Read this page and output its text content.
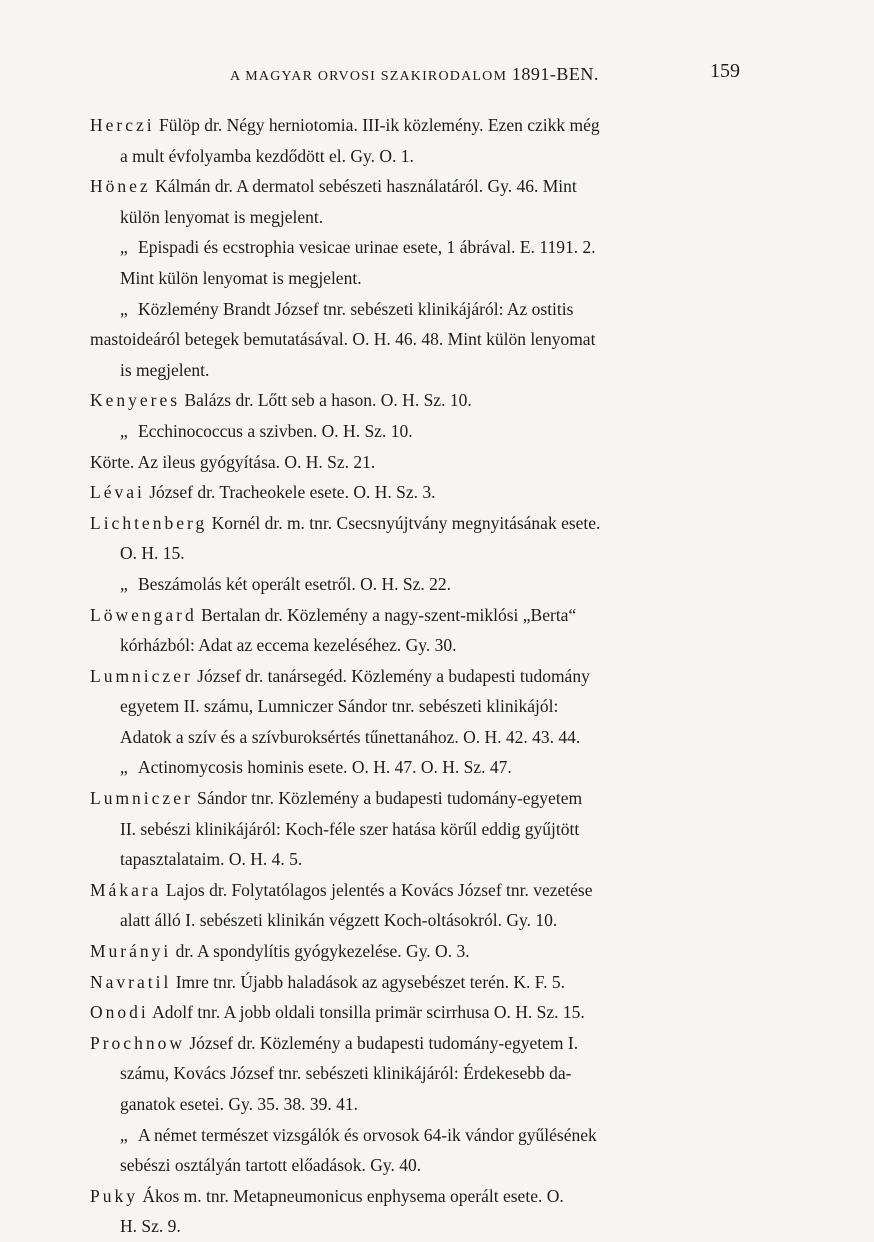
A MAGYAR ORVOSI SZAKIRODALOM 1891-BEN.	159
Herczi Fülöp dr. Négy herniotomia. III-ik közlemény. Ezen czikk még
a mult évfolyamba kezdődött el. Gy. O. 1.
Hönez Kálmán dr. A dermatol sebészeti használatáról. Gy. 46. Mint
külön lenyomat is megjelent.
„ Epispadi és ecstrophia vesicae urinae esete, 1 ábrával. E. 1191. 2.
Mint külön lenyomat is megjelent.
„ Közlemény Brandt József tnr. sebészeti klinikájáról: Az ostitis
mastoideáról betegek bemutatásával. O. H. 46. 48. Mint külön lenyomat
is megjelent.
Kenyeres Balázs dr. Lőtt seb a hason. O. H. Sz. 10.
„ Ecchinococcus a szivben. O. H. Sz. 10.
Körte. Az ileus gyógyítása. O. H. Sz. 21.
Lévai József dr. Tracheokele esete. O. H. Sz. 3.
Lichtenberg Kornél dr. m. tnr. Csecsnyújtvány megnyitásának esete.
O. H. 15.
„ Beszámolás két operált esetről. O. H. Sz. 22.
Löwengard Bertalan dr. Közlemény a nagy-szent-miklósi „Berta“
kórházból: Adat az eccema kezeléséhez. Gy. 30.
Lumniczer József dr. tanársegéd. Közlemény a budapesti tudomány
egyetem II. számu, Lumniczer Sándor tnr. sebészeti klinikájól:
Adatok a szív és a szívburoksértés tűnettanához. O. H. 42. 43. 44.
„ Actinomycosis hominis esete. O. H. 47. O. H. Sz. 47.
Lumniczer Sándor tnr. Közlemény a budapesti tudomány-egyetem
II. sebészi klinikájáról: Koch-féle szer hatása körűl eddig gyűjtött
tapasztalataim. O. H. 4. 5.
Mákara Lajos dr. Folytatólagos jelentés a Kovács József tnr. vezetése
alatt álló I. sebészeti klinikán végzett Koch-oltásokról. Gy. 10.
Murányi dr. A spondylítis gyógykezelése. Gy. O. 3.
Navratil Imre tnr. Újabb haladások az agysebészet terén. K. F. 5.
Onodi Adolf tnr. A jobb oldali tonsilla primär scirrhusa O. H. Sz. 15.
Prochnow József dr. Közlemény a budapesti tudomány-egyetem I.
számu, Kovács József tnr. sebészeti klinikájáról: Érdekesebb da-
ganatok esetei. Gy. 35. 38. 39. 41.
„ A német természet vizsgálók és orvosok 64-ik vándor gyűlésének
sebészi osztályán tartott előadások. Gy. 40.
Puky Ákos m. tnr. Metapneumonicus enphysema operált esete. O.
H. Sz. 9.
